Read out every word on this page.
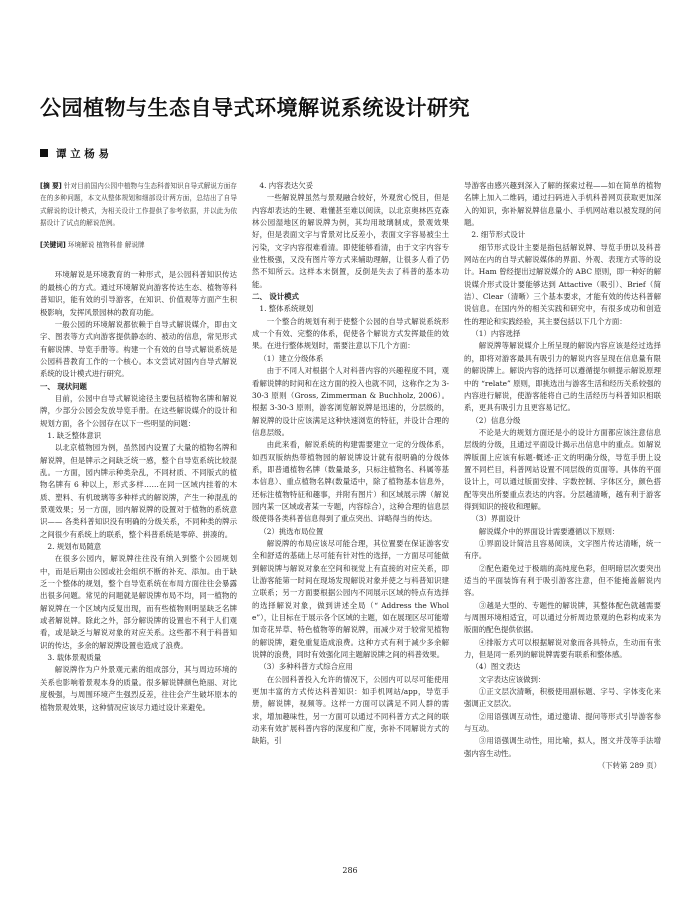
公园植物与生态自导式环境解说系统设计研究
谭 立 杨 易

[摘 要] 针对目前国内公园中植物与生态科普知识自导式解说方面存在的多种问题，本文从整体规划和细部设计两方面，总结出了自导式解说的设计模式，为相关设计工作提供了参考依据，并以此为依据设计了试点的解说范例。

[关键词] 环境解说 植物科普 解说牌

环境解说是环境教育的一种形式，是公园科普知识传达的最核心的方式。通过环境解说向游客传达生态、植物等科普知识，能有效的引导游客，在知识、价值观等方面产生积极影响，发挥风景园林的教育功能。

一般公园的环境解说都依赖于自导式解说媒介，即由文字、图表等方式向游客提供静态的、被动的信息，常见形式有解说牌、导览手册等。构建一个有效的自导式解说系统是公园科普教育工作的一个核心。本文尝试对国内自导式解说系统的设计模式进行研究。

一、 现状问题

目前，公园中自导式解说途径主要包括植物名牌和解说牌，少部分公园会发放导览手册。在这些解说媒介的设计和规划方面，各个公园存在以下一些明显的问题：

1. 缺乏整体意识

以北京植物园为例，虽然园内设置了大量的植物名牌和解说牌，但是牌示之间缺乏统一感，整个自导览系统比较混乱。一方面，园内牌示种类杂乱，不同材质、不同版式的植物名牌有 6 种以上，形式多样……在同一区域内挂着的木质、塑料、有机玻璃等多种样式的解说牌，产生一种混乱的景观效果；另一方面，园内解说牌的设置对于植物的系统意识—— 各类科普知识没有明确的分级关系，不同种类的牌示之间很少有系统上的联系，整个科普系统是零碎、拼凑的。

2. 规划布局随意

在很多公园内，解说牌往往没有纳入到整个公园规划中，而是后期由公园或社会组织不断的补充、添加。由于缺乏一个整体的规划，整个自导览系统在布局方面往往会暴露出很多问题。常见的问题就是解说牌布局不均，同一植物的解说牌在一个区域内反复出现，而有些植物则明显缺乏名牌或者解说牌。除此之外，部分解说牌的设置也不利于人们观看，或是缺乏与解说对象的对应关系。这些都不利于科普知识的传达，多余的解说牌设置也造成了浪费。

3. 载体景观质量

解说牌作为户外景观元素的组成部分，其与周边环境的关系也影响着景观本身的质量。很多解说牌颜色艳丽、对比度极强，与周围环境产生强烈反差，往往会产生破坏原本的植物景观效果，这种情况应该尽力通过设计来避免。

4. 内容表达欠妥

一些解说牌虽然与景观融合较好，外观赏心悦目，但是内容却表达的生硬、难懂甚至难以阅读，以北京奥林匹克森林公园湿地区的解说牌为例，其均用玻璃制成，景观效果好，但是表面文字与背景对比反差小，表面文字容易被尘土污染，文字内容很难看清。即使能够看清，由于文字内容专业性极强，又没有图片等方式来辅助理解，让很多人看了仍然不知所云。这样本末倒置，反倒是失去了科普的基本功能。

二、 设计模式

1. 整体系统规划

一个整合的规划有利于使整个公园的自导式解说系统形成一个有效、完整的体系，促使各个解说方式发挥最佳的效果。在进行整体规划时，需要注意以下几个方面：

（1）建立分级体系

由于不同人对根据个人对科普内容的兴趣程度不同，观看解说牌的时间和在这方面的投入也就不同，这称作之为 3-30-3 原则（Gross, Zimmerman & Buchholz, 2006）。根据 3-30-3 原则，游客浏览解说牌是迅速的，分层级的，解说牌的设计应该满足这种快速浏览的特征，并设计合理的信息层级。

由此来看，解说系统的构建需要建立一定的分级体系，如西双版纳热带植物园的解说牌设计就有很明确的分级体系，即普通植物名牌（数量最多，只标注植物名、科属等基本信息）、重点植物名牌(数量适中，除了植物基本信息外，还标注植物特征和趣事，并附有图片）和区域展示牌（解说园内某一区域或者某一专题，内容综合），这种合理的信息层级使得各类科普信息得到了重点突出、详略得当的传达。

（2）挑选布局位置

解说牌的布局应该尽可能合理，其位置要在保证游客安全和舒适的基础上尽可能有针对性的选择，一方面尽可能做到解说牌与解说对象在空间和视觉上有直接的对应关系，即让游客能第一时间在现场发现解说对象并使之与科普知识建立联系；另一方面要根据公园内不同展示区域的特点有选择的选择解说对象，做到讲述全局（“ Address the Whole”），让目标在于展示各个区域的主题，如在展现区尽可能增加奇花异草、特色植物等的解说牌，而减少对于较常见植物的解说牌，避免重复造成浪费。这种方式有利于减少多余解说牌的浪费，同时有效强化同主题解说牌之间的科普效果。

（3）多种科普方式综合应用

在公园科普投入允许的情况下，公园内可以尽可能使用更加丰富的方式传达科普知识：如手机网站/app，导览手册，解说牌，视频等。这样一方面可以满足不同人群的需求，增加趣味性，另一方面可以通过不同科普方式之间的联动来有效扩展科普内容的深度和广度，弥补不同解说方式的缺陷，引

导游客由感兴趣到深入了解的探索过程——如在简单的植物名牌上加入二维码，通过扫码进入手机科普网页获取更加深入的知识，弥补解说牌信息量小、手机网站难以被发现的问题。

2. 细节形式设计

细节形式设计主要是指包括解说牌、导览手册以及科普网站在内的自导式解说媒体的界面、外观、表现方式等的设计。Ham 曾经提出过解说媒介的 ABC 原则，即一种好的解说媒介形式设计要能够达到 Attactive（吸引）、Brief（简洁）、Clear（清晰）三个基本要求，才能有效的传达科普解说信息。在国内外的相关实践和研究中，有很多成功和创造性的理论和实践经验，其主要包括以下几个方面：

（1）内容选择

解说牌等解说媒介上所呈现的解说内容应该是经过选择的，即将对游客最具有吸引力的解说内容呈现在信息量有限的解说牌上。解说内容的选择可以遵循提尔顿提示解说原理中的 “relate” 原则，即挑选出与游客生活和经历关系较强的内容进行解说，使游客能将自己的生活经历与科普知识相联系，更具有吸引力且更容易记忆。

（2）信息分级

不论是大的规划方面还是小的设计方面都应该注意信息层级的分级，且通过平面设计揭示出信息中的重点。如解说牌版面上应该有标题-概述-正文的明确分级，导览手册上设置不同栏目，科普网站设置不同层级的页面等。具体的平面设计上，可以通过版面安排、字数控制、字体区分，颜色搭配等突出所要重点表达的内容。分层越清晰，越有利于游客得到知识的接收和理解。

（3）界面设计

解说媒介中的界面设计需要遵循以下原则：

①界面设计简洁且容易阅读，文字图片传达清晰，统一有序。

②配色避免过于极端的高纯度色彩，但明暗层次要突出适当的平面装饰有利于吸引游客注意，但不能掩盖解说内容。

③越是大型的、专题性的解说牌，其整体配色就越需要与周围环境相适宜，可以通过分析周边景观的色彩构成来为版面的配色提供依据。

④排版方式可以根据解说对象而各具特点，生动而有张力，但是同一系列的解说牌需要有联系和整体感。

（4）图文表达

文字表达应该做到：

①正文层次清晰，积极使用副标题、字号、字体变化来强调正文层次。

②用语强调互动性，通过邀请、提问等形式引导游客参与互动。

③用语强调生动性，用比喻，拟人，图文并茂等手法增强内容生动性。

（下转第 289 页）

286
